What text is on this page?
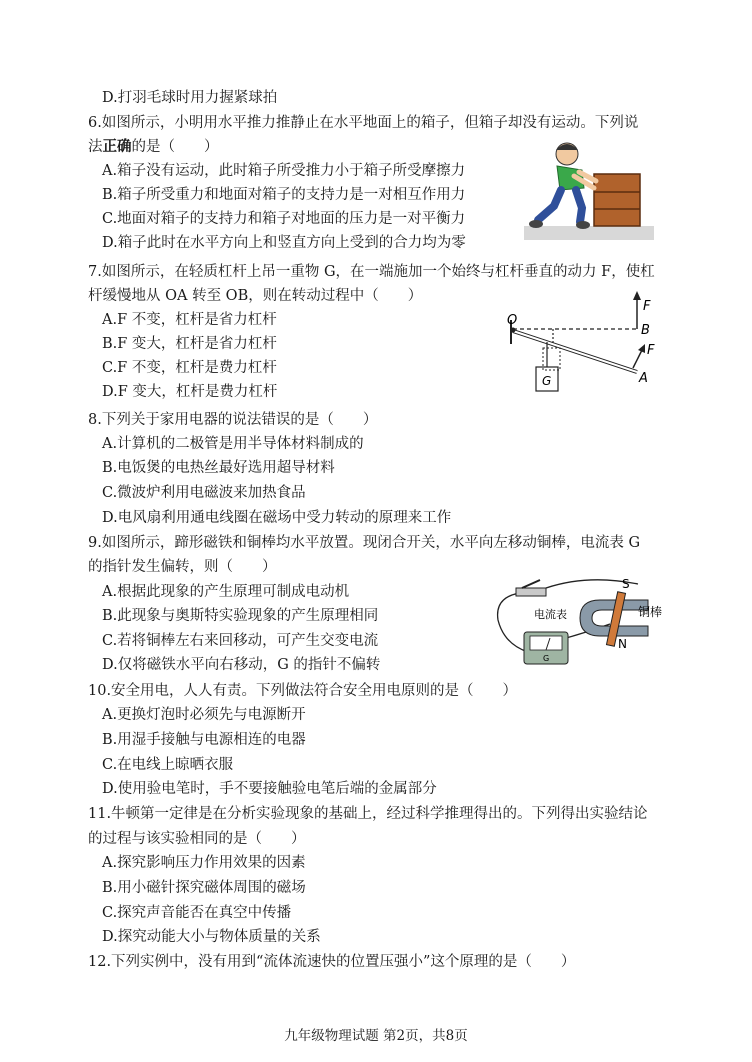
D.打羽毛球时用力握紧球拍
6.如图所示，小明用水平推力推静止在水平地面上的箱子，但箱子却没有运动。下列说
法正确的是（　　）
A.箱子没有运动，此时箱子所受推力小于箱子所受摩擦力
B.箱子所受重力和地面对箱子的支持力是一对相互作用力
C.地面对箱子的支持力和箱子对地面的压力是一对平衡力
D.箱子此时在水平方向上和竖直方向上受到的合力均为零
7.如图所示，在轻质杠杆上吊一重物 G，在一端施加一个始终与杠杆垂直的动力 F，使杠
杆缓慢地从 OA 转至 OB，则在转动过程中（　　）
A.F 不变，杠杆是省力杠杆
B.F 变大，杠杆是省力杠杆
C.F 不变，杠杆是费力杠杆
D.F 变大，杠杆是费力杠杆
O
B
A
F
F
G
8.下列关于家用电器的说法错误的是（　　）
A.计算机的二极管是用半导体材料制成的
B.电饭煲的电热丝最好选用超导材料
C.微波炉利用电磁波来加热食品
D.电风扇利用通电线圈在磁场中受力转动的原理来工作
9.如图所示，蹄形磁铁和铜棒均水平放置。现闭合开关，水平向左移动铜棒，电流表 G
的指针发生偏转，则（　　）
A.根据此现象的产生原理可制成电动机
B.此现象与奥斯特实验现象的产生原理相同
C.若将铜棒左右来回移动，可产生交变电流
D.仅将磁铁水平向右移动，G 的指针不偏转
电流表
G
S
N
铜棒
10.安全用电，人人有责。下列做法符合安全用电原则的是（　　）
A.更换灯泡时必须先与电源断开
B.用湿手接触与电源相连的电器
C.在电线上晾晒衣服
D.使用验电笔时，手不要接触验电笔后端的金属部分
11.牛顿第一定律是在分析实验现象的基础上，经过科学推理得出的。下列得出实验结论
的过程与该实验相同的是（　　）
A.探究影响压力作用效果的因素
B.用小磁针探究磁体周围的磁场
C.探究声音能否在真空中传播
D.探究动能大小与物体质量的关系
12.下列实例中，没有用到“流体流速快的位置压强小”这个原理的是（　　）
九年级物理试题 第2页，共8页
